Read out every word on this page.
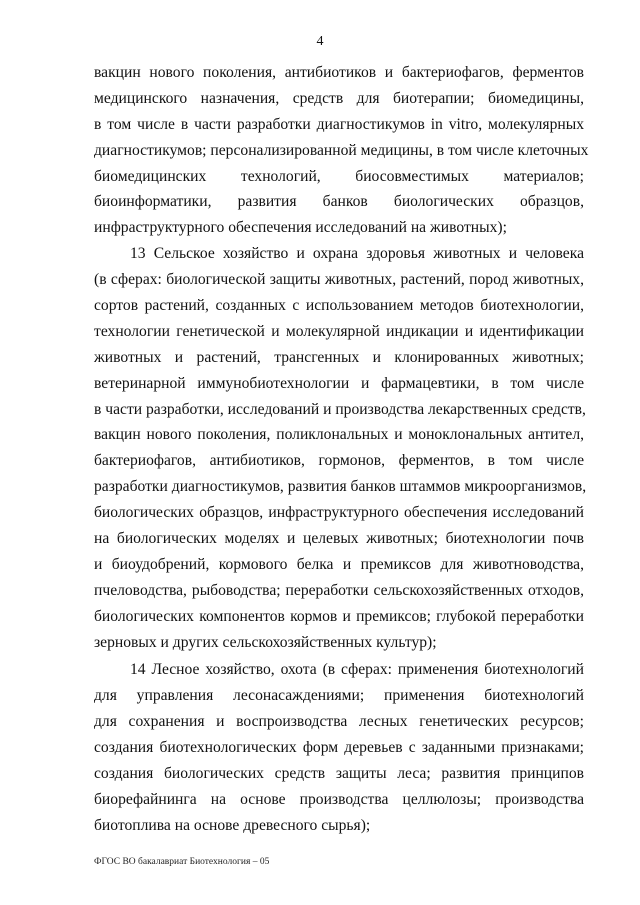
4
вакцин нового поколения, антибиотиков и бактериофагов, ферментов
медицинского назначения, средств для биотерапии; биомедицины,
в том числе в части разработки диагностикумов in vitro, молекулярных
диагностикумов; персонализированной медицины, в том числе клеточных
биомедицинских технологий, биосовместимых материалов;
биоинформатики, развития банков биологических образцов,
инфраструктурного обеспечения исследований на животных);
13 Сельское хозяйство и охрана здоровья животных и человека
(в сферах: биологической защиты животных, растений, пород животных,
сортов растений, созданных с использованием методов биотехнологии,
технологии генетической и молекулярной индикации и идентификации
животных и растений, трансгенных и клонированных животных;
ветеринарной иммунобиотехнологии и фармацевтики, в том числе
в части разработки, исследований и производства лекарственных средств,
вакцин нового поколения, поликлональных и моноклональных антител,
бактериофагов, антибиотиков, гормонов, ферментов, в том числе
разработки диагностикумов, развития банков штаммов микроорганизмов,
биологических образцов, инфраструктурного обеспечения исследований
на биологических моделях и целевых животных; биотехнологии почв
и биоудобрений, кормового белка и премиксов для животноводства,
пчеловодства, рыбоводства; переработки сельскохозяйственных отходов,
биологических компонентов кормов и премиксов; глубокой переработки
зерновых и других сельскохозяйственных культур);
14 Лесное хозяйство, охота (в сферах: применения биотехнологий
для управления лесонасаждениями; применения биотехнологий
для сохранения и воспроизводства лесных генетических ресурсов;
создания биотехнологических форм деревьев с заданными признаками;
создания биологических средств защиты леса; развития принципов
биорефайнинга на основе производства целлюлозы; производства
биотоплива на основе древесного сырья);
ФГОС ВО бакалавриат Биотехнология – 05
